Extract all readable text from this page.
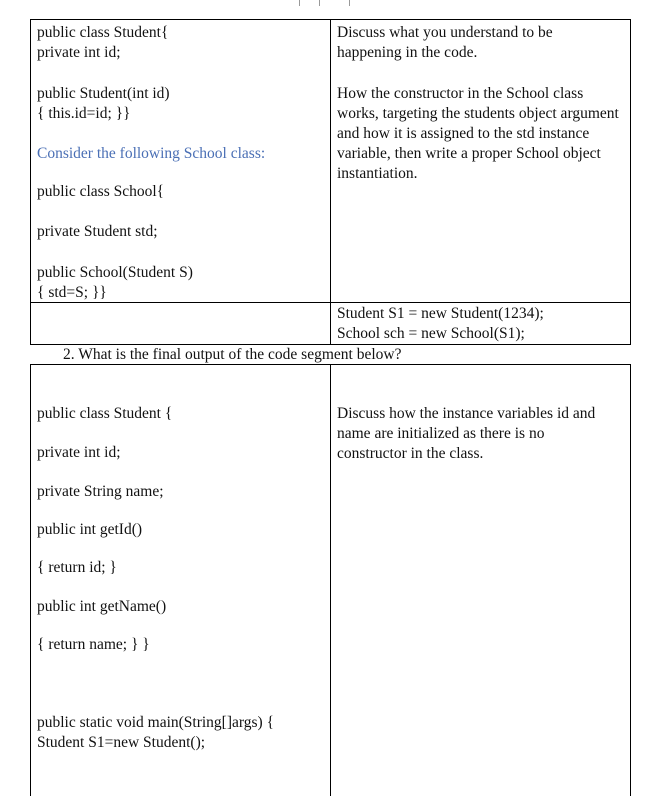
public class Student{
private int id;
public Student(int id)
{ this.id=id; }}
Consider the following School class:
public class School{
private Student std;
public School(Student S)
{ std=S; }}
Discuss what you understand to be happening in the code.
How the constructor in the School class works, targeting the students object argument and how it is assigned to the std instance variable, then write a proper School object instantiation.
Student S1 = new Student(1234);
School sch = new School(S1);
2. What is the final output of the code segment below?
public class Student {
private int id;
private String name;
public int getId()
{ return id; }
public int getName()
{ return name; } }
public static void main(String[]args) {
Student S1=new Student();
Discuss how the instance variables id and name are initialized as there is no constructor in the class.
